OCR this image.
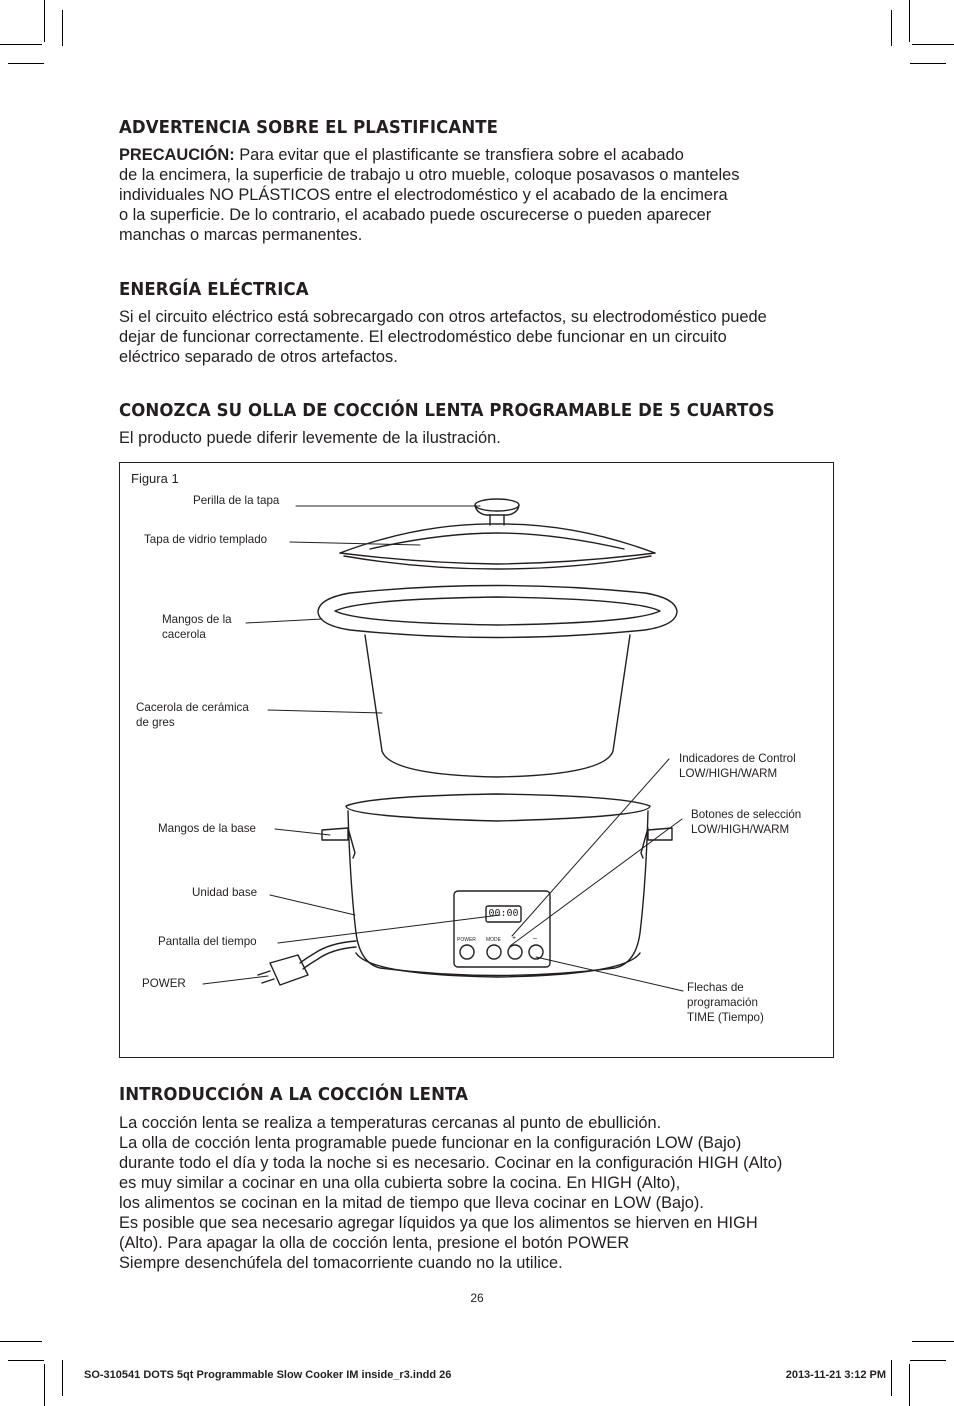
ADVERTENCIA SOBRE EL PLASTIFICANTE

PRECAUCIÓN: Para evitar que el plastificante se transfiera sobre el acabado
de la encimera, la superficie de trabajo u otro mueble, coloque posavasos o manteles
individuales NO PLÁSTICOS entre el electrodoméstico y el acabado de la encimera
o la superficie. De lo contrario, el acabado puede oscurecerse o pueden aparecer
manchas o marcas permanentes.

ENERGÍA ELÉCTRICA

Si el circuito eléctrico está sobrecargado con otros artefactos, su electrodoméstico puede
dejar de funcionar correctamente. El electrodoméstico debe funcionar en un circuito
eléctrico separado de otros artefactos.

CONOZCA SU OLLA DE COCCIÓN LENTA PROGRAMABLE DE 5 CUARTOS

El producto puede diferir levemente de la ilustración.

Figura 1
Perilla de la tapa
Tapa de vidrio templado
Mangos de la
cacerola
Cacerola de cerámica
de gres
Indicadores de Control
LOW/HIGH/WARM
Botones de selección
LOW/HIGH/WARM
Mangos de la base
Unidad base
Pantalla del tiempo
POWER	Flechas de
programación
TIME (Tiempo)
00:00
POWER MODE + –
INTRODUCCIÓN A LA COCCIÓN LENTA

La cocción lenta se realiza a temperaturas cercanas al punto de ebullición.
La olla de cocción lenta programable puede funcionar en la configuración LOW (Bajo)
durante todo el día y toda la noche si es necesario. Cocinar en la configuración HIGH (Alto)
es muy similar a cocinar en una olla cubierta sobre la cocina. En HIGH (Alto),
los alimentos se cocinan en la mitad de tiempo que lleva cocinar en LOW (Bajo).
Es posible que sea necesario agregar líquidos ya que los alimentos se hierven en HIGH
(Alto). Para apagar la olla de cocción lenta, presione el botón POWER
Siempre desenchúfela del tomacorriente cuando no la utilice.

26
SO-310541 DOTS 5qt Programmable Slow Cooker IM inside_r3.indd 26	2013-11-21 3:12 PM
